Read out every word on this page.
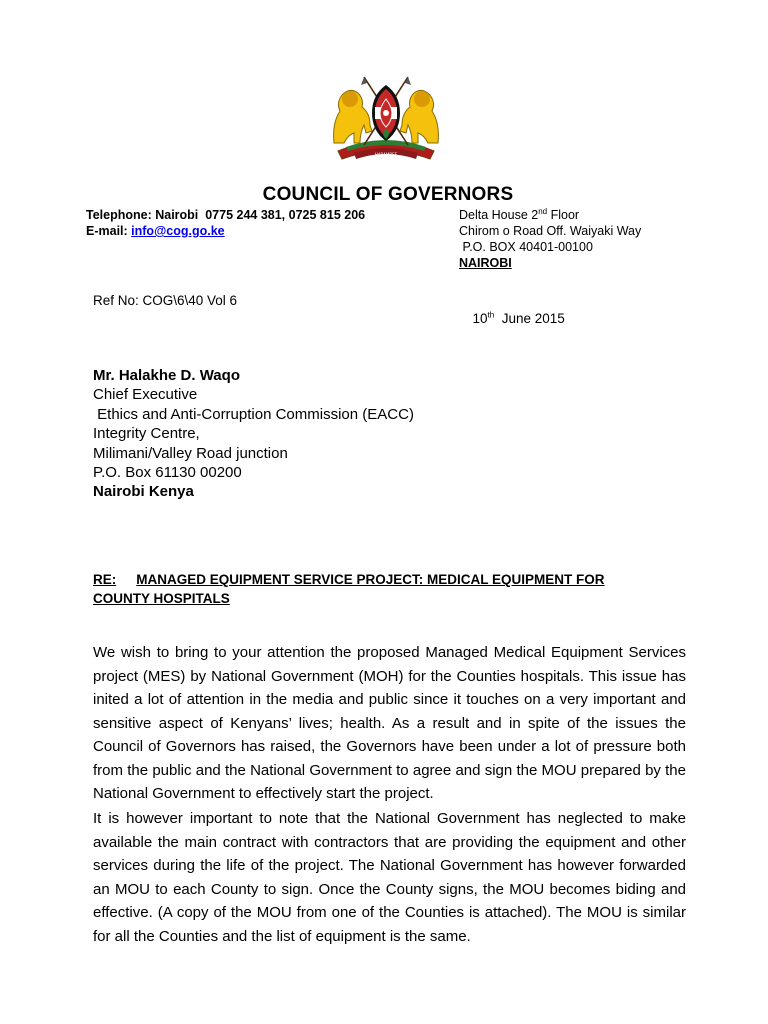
HARAMBEE
COUNCIL OF GOVERNORS
Telephone: Nairobi  0775 244 381, 0725 815 206
E-mail: info@cog.go.ke
Delta House 2nd Floor
Chirom o Road Off. Waiyaki Way
P.O. BOX 40401-00100
NAIROBI
Ref No: COG\6\40 Vol 6

10th  June 2015

Mr. Halakhe D. Waqo
Chief Executive
Ethics and Anti-Corruption Commission (EACC)
Integrity Centre,
Milimani/Valley Road junction
P.O. Box 61130 00200
Nairobi Kenya
RE: MANAGED EQUIPMENT SERVICE PROJECT: MEDICAL EQUIPMENT FOR
COUNTY HOSPITALS
We wish to bring to your attention the proposed Managed Medical Equipment Services project (MES) by National Government (MOH) for the Counties hospitals. This issue has inited a lot of attention in the media and public since it touches on a very important and sensitive aspect of Kenyans’ lives; health. As a result and in spite of the issues the Council of Governors has raised, the Governors have been under a lot of pressure both from the public and the National Government to agree and sign the MOU prepared by the National Government to effectively start the project.
It is however important to note that the National Government has neglected to make available the main contract with contractors that are providing the equipment and other services during the life of the project. The National Government has however forwarded an MOU to each County to sign. Once the County signs, the MOU becomes biding and effective. (A copy of the MOU from one of the Counties is attached). The MOU is similar for all the Counties and the list of equipment is the same.
